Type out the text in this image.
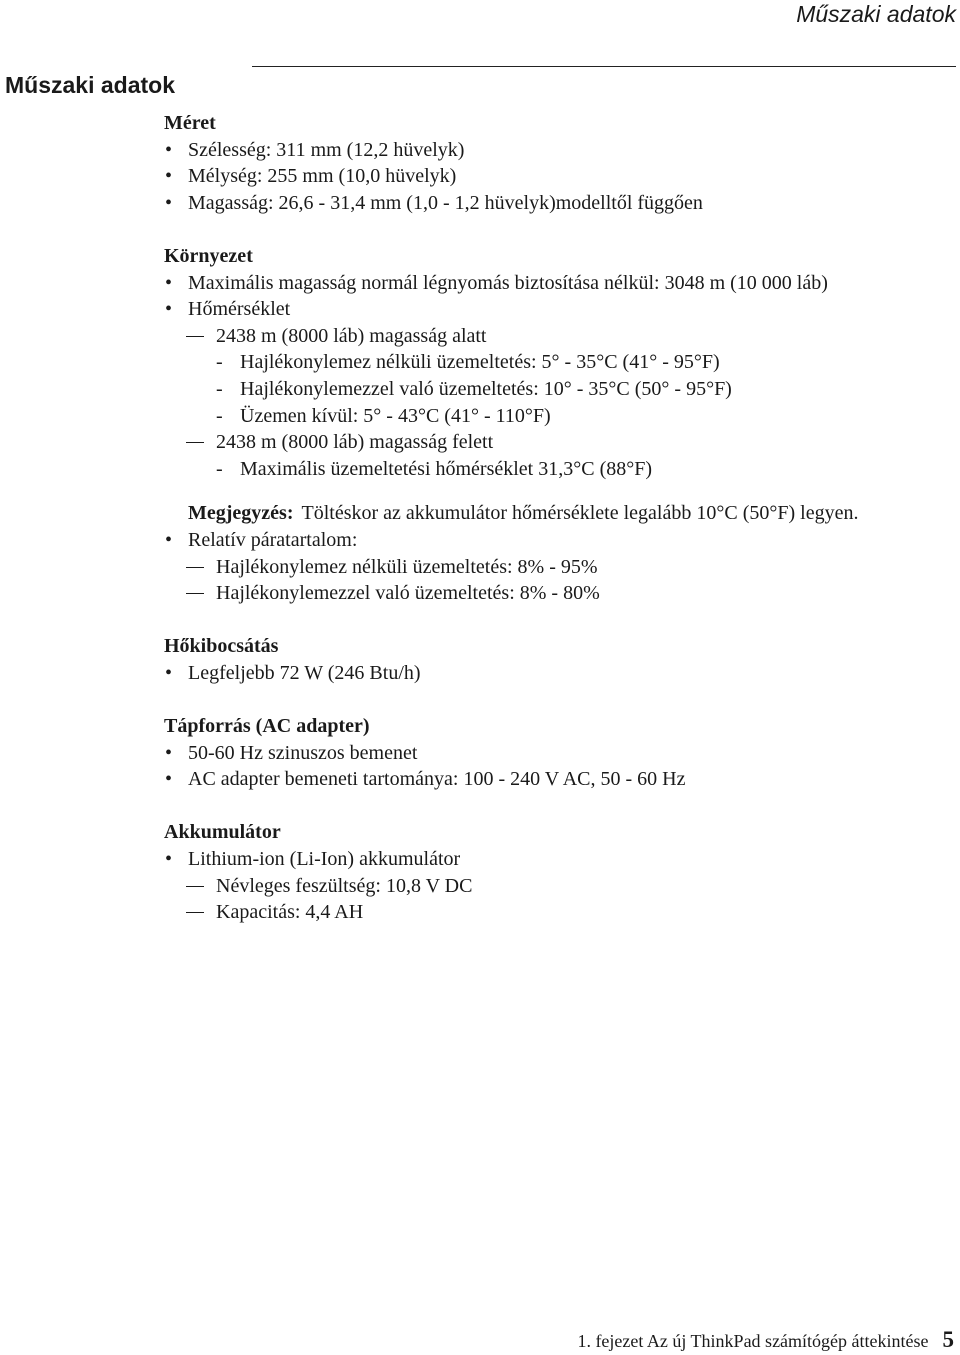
Műszaki adatok
Műszaki adatok
Méret
• Szélesség: 311 mm (12,2 hüvelyk)
• Mélység: 255 mm (10,0 hüvelyk)
• Magasság: 26,6 - 31,4 mm (1,0 - 1,2 hüvelyk)modelltől függően
Környezet
• Maximális magasság normál légnyomás biztosítása nélkül: 3048 m (10 000 láb)
• Hőmérséklet
2438 m (8000 láb) magasság alatt
- Hajlékonylemez nélküli üzemeltetés: 5° - 35°C (41° - 95°F)
- Hajlékonylemezzel való üzemeltetés: 10° - 35°C (50° - 95°F)
- Üzemen kívül: 5° - 43°C (41° - 110°F)
2438 m (8000 láb) magasság felett
- Maximális üzemeltetési hőmérséklet 31,3°C (88°F)
Megjegyzés: Töltéskor az akkumulátor hőmérséklete legalább 10°C (50°F) legyen.
• Relatív páratartalom:
Hajlékonylemez nélküli üzemeltetés: 8% - 95%
Hajlékonylemezzel való üzemeltetés: 8% - 80%
Hőkibocsátás
• Legfeljebb 72 W (246 Btu/h)
Tápforrás (AC adapter)
• 50-60 Hz szinuszos bemenet
• AC adapter bemeneti tartománya: 100 - 240 V AC, 50 - 60 Hz
Akkumulátor
• Lithium-ion (Li-Ion) akkumulátor
Névleges feszültség: 10,8 V DC
Kapacitás: 4,4 AH
1. fejezet Az új ThinkPad számítógép áttekintése 5
